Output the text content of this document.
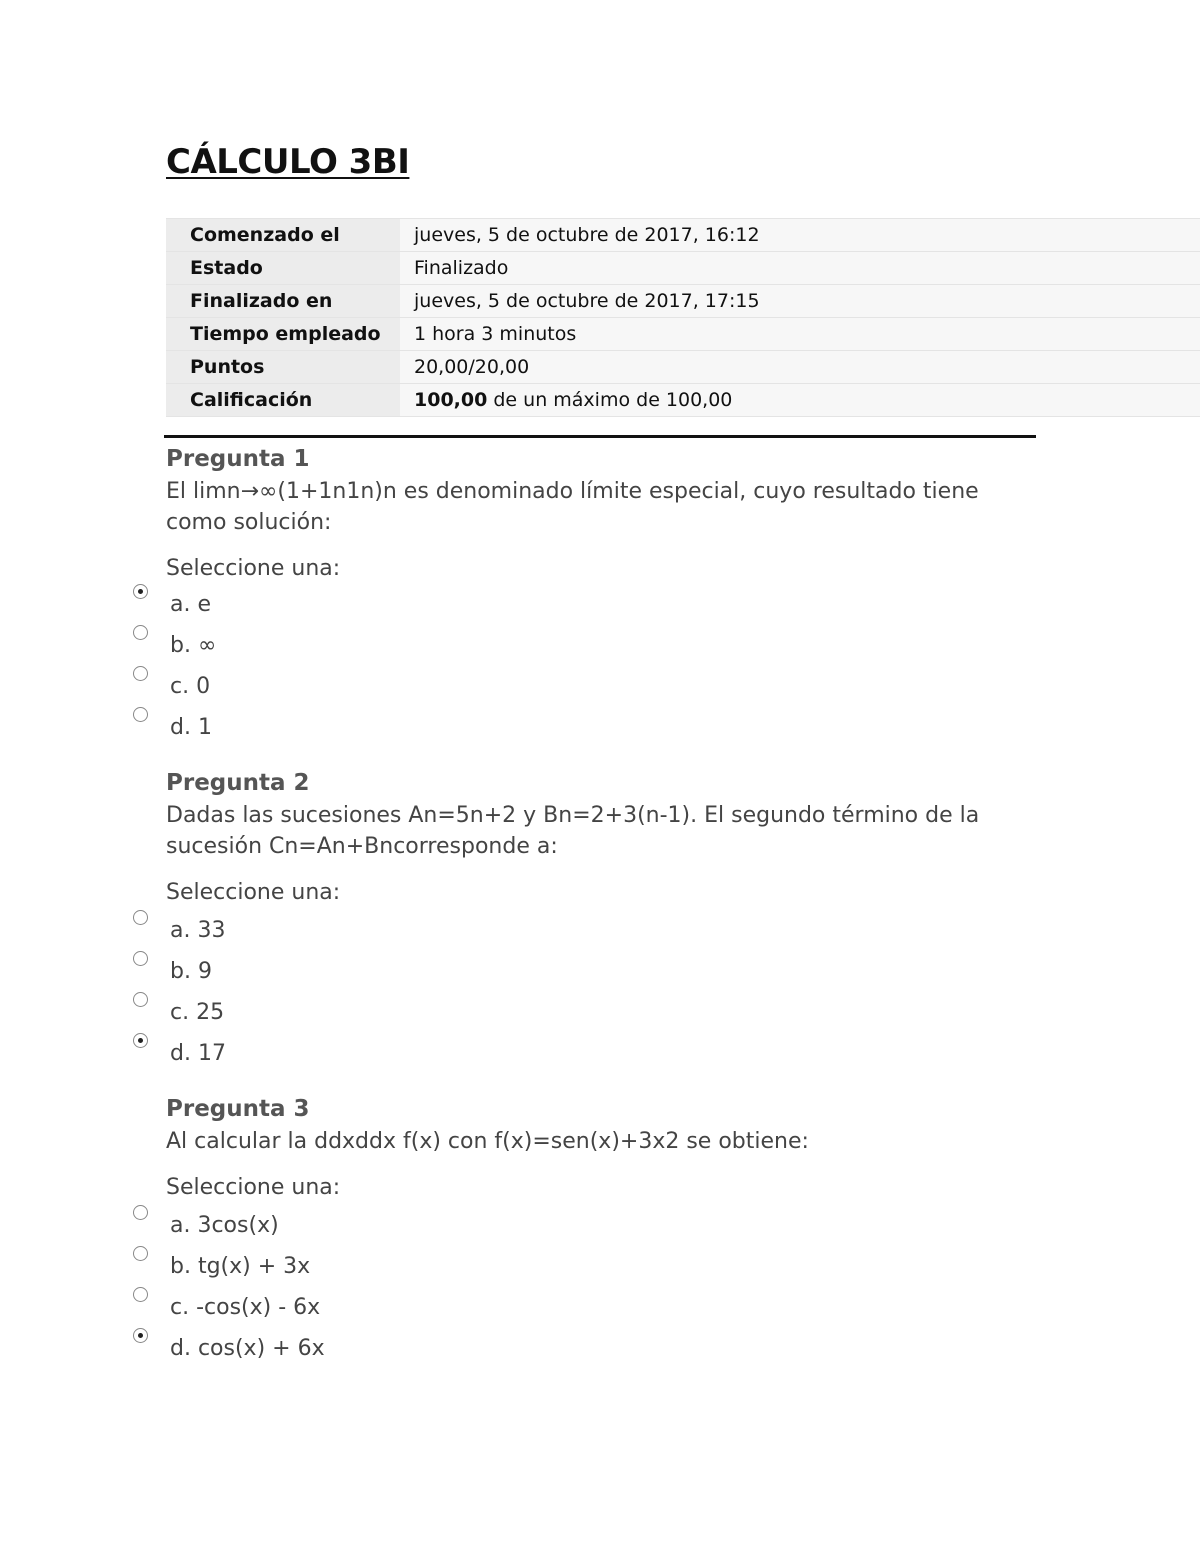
CÁLCULO 3BI
Comenzado el	jueves, 5 de octubre de 2017, 16:12
Estado	Finalizado
Finalizado en	jueves, 5 de octubre de 2017, 17:15
Tiempo empleado	1 hora 3 minutos
Puntos	20,00/20,00
Calificación	100,00 de un máximo de 100,00
Pregunta 1
El limn→∞(1+1n1n)n es denominado límite especial, cuyo resultado tiene como solución:
Seleccione una:
a. e
b. ∞
c. 0
d. 1
Pregunta 2
Dadas las sucesiones An=5n+2 y Bn=2+3(n-1). El segundo término de la sucesión Cn=An+Bncorresponde a:
Seleccione una:
a. 33
b. 9
c. 25
d. 17
Pregunta 3
Al calcular la ddxddx f(x) con f(x)=sen(x)+3x2 se obtiene:
Seleccione una:
a. 3cos(x)
b. tg(x) + 3x
c. -cos(x) - 6x
d. cos(x) + 6x
